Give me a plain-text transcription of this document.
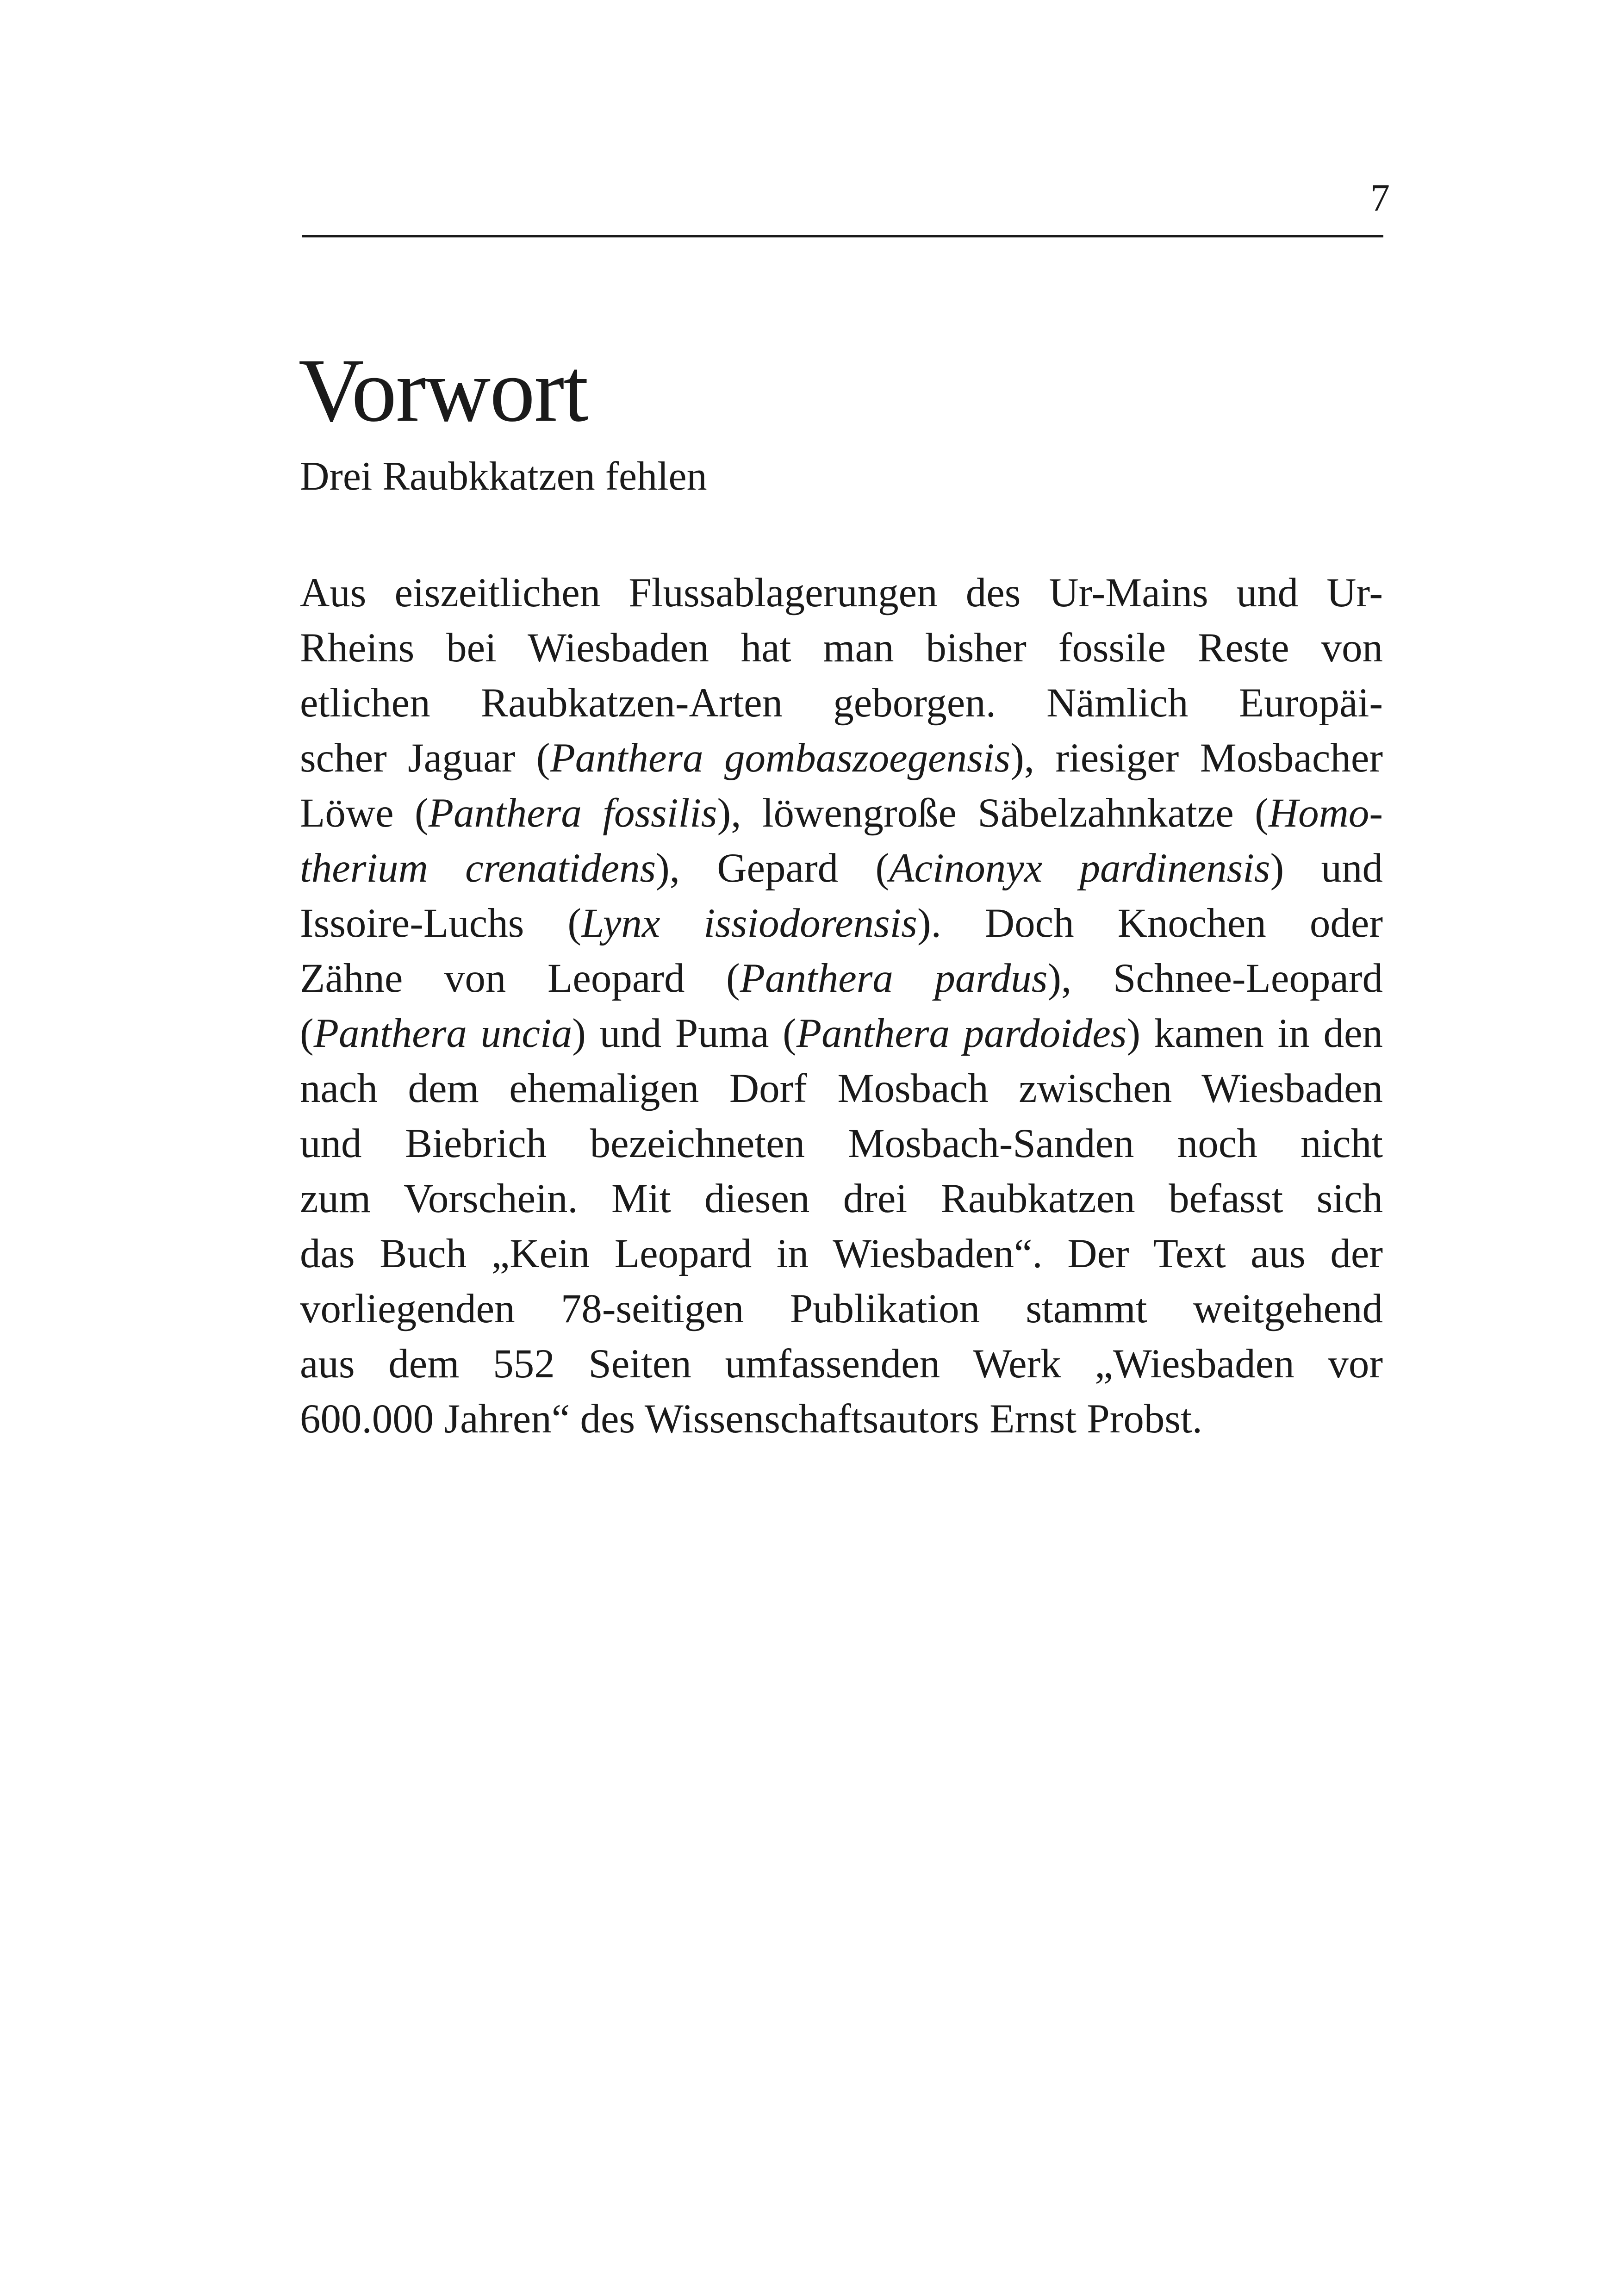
7
Vorwort
Drei Raubkkatzen fehlen
Aus eiszeitlichen Flussablagerungen des Ur-Mains und Ur-
Rheins bei Wiesbaden hat man bisher fossile Reste von
etlichen Raubkatzen-Arten geborgen. Nämlich Europäi-
scher Jaguar (Panthera gombaszoegensis), riesiger Mosbacher
Löwe (Panthera fossilis), löwengroße Säbelzahnkatze (Homo-
therium crenatidens), Gepard (Acinonyx pardinensis) und
Issoire-Luchs (Lynx issiodorensis). Doch Knochen oder
Zähne von Leopard (Panthera pardus), Schnee-Leopard
(Panthera uncia) und Puma (Panthera pardoides) kamen in den
nach dem ehemaligen Dorf Mosbach zwischen Wiesbaden
und Biebrich bezeichneten Mosbach-Sanden noch nicht
zum Vorschein. Mit diesen drei Raubkatzen befasst sich
das Buch „Kein Leopard in Wiesbaden“. Der Text aus der
vorliegenden 78-seitigen Publikation stammt weitgehend
aus dem 552 Seiten umfassenden Werk „Wiesbaden vor
600.000 Jahren“ des Wissenschaftsautors Ernst Probst.
